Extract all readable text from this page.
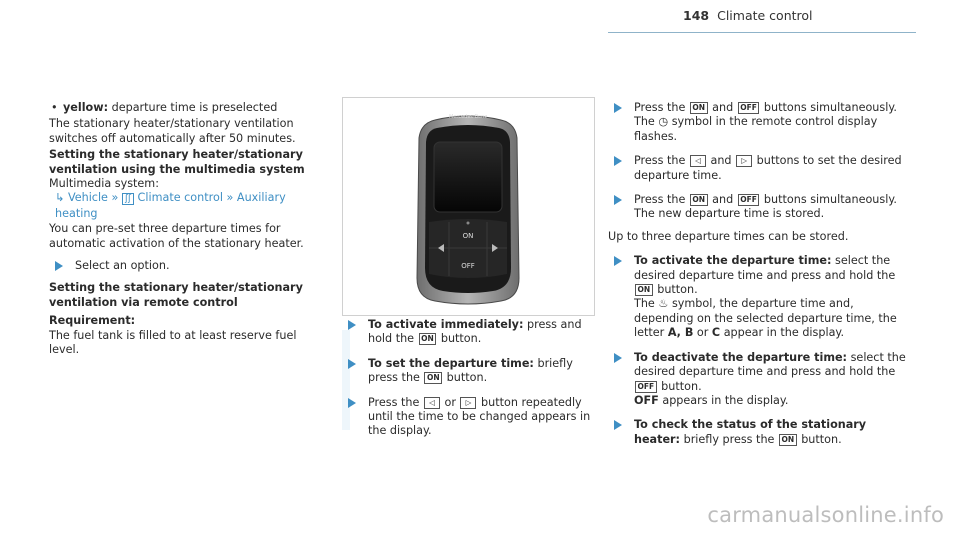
148 Climate control

• yellow: departure time is preselected

The stationary heater/stationary ventilation switches off automatically after 50 minutes.

Setting the stationary heater/stationary ventilation using the multimedia system

Multimedia system:

↳ Vehicle » ʃʃ Climate control » Auxiliary heating

You can pre-set three departure times for automatic activation of the stationary heater.

Select an option.

Setting the stationary heater/stationary ventilation via remote control

Requirement:

The fuel tank is filled to at least reserve fuel level.

Mercedes-Benz
ON
OFF
To activate immediately: press and hold the ON button.
To set the departure time: briefly press the ON button.
Press the ◁ or ▷ button repeatedly until the time to be changed appears in the display.
Press the ON and OFF buttons simultaneously.
The ◷ symbol in the remote control display flashes.
Press the ◁ and ▷ buttons to set the desired departure time.
Press the ON and OFF buttons simultaneously.
The new departure time is stored.

Up to three departure times can be stored.

To activate the departure time: select the desired departure time and press and hold the ON button.
The ♨ symbol, the departure time and, depending on the selected departure time, the letter A, B or C appear in the display.
To deactivate the departure time: select the desired departure time and press and hold the OFF button.
OFF appears in the display.
To check the status of the stationary heater: briefly press the ON button.
carmanualsonline.info
